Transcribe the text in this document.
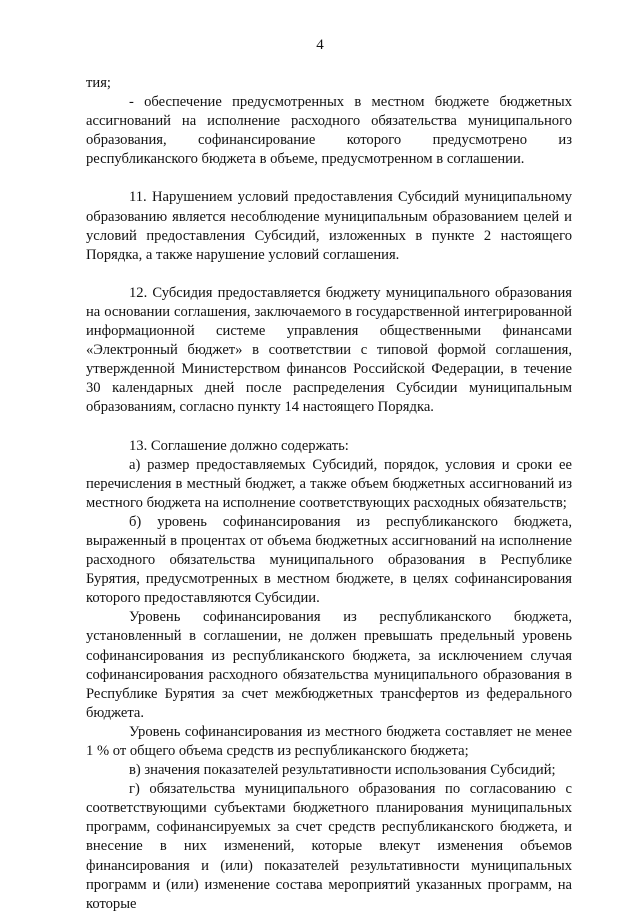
4

тия;

- обеспечение предусмотренных в местном бюджете бюджетных ассигнований на исполнение расходного обязательства муниципального образования, софинансирование которого предусмотрено из республиканского бюджета в объеме, предусмотренном в соглашении.

11. Нарушением условий предоставления Субсидий муниципальному образованию является несоблюдение муниципальным образованием целей и условий предоставления Субсидий, изложенных в пункте 2 настоящего Порядка, а также нарушение условий соглашения.

12. Субсидия предоставляется бюджету муниципального образования на основании соглашения, заключаемого в государственной интегрированной информационной системе управления общественными финансами «Электронный бюджет» в соответствии с типовой формой соглашения, утвержденной Министерством финансов Российской Федерации, в течение 30 календарных дней после распределения Субсидии муниципальным образованиям, согласно пункту 14 настоящего Порядка.

13. Соглашение должно содержать:

а) размер предоставляемых Субсидий, порядок, условия и сроки ее перечисления в местный бюджет, а также объем бюджетных ассигнований из местного бюджета на исполнение соответствующих расходных обязательств;

б) уровень софинансирования из республиканского бюджета, выраженный в процентах от объема бюджетных ассигнований на исполнение расходного обязательства муниципального образования в Республике Бурятия, предусмотренных в местном бюджете, в целях софинансирования которого предоставляются Субсидии.

Уровень софинансирования из республиканского бюджета, установленный в соглашении, не должен превышать предельный уровень софинансирования из республиканского бюджета, за исключением случая софинансирования расходного обязательства муниципального образования в Республике Бурятия за счет межбюджетных трансфертов из федерального бюджета.

Уровень софинансирования из местного бюджета составляет не менее 1 % от общего объема средств из республиканского бюджета;

в) значения показателей результативности использования Субсидий;

г) обязательства муниципального образования по согласованию с соответствующими субъектами бюджетного планирования муниципальных программ, софинансируемых за счет средств республиканского бюджета, и внесение в них изменений, которые влекут изменения объемов финансирования и (или) показателей результативности муниципальных программ и (или) изменение состава мероприятий указанных программ, на которые
